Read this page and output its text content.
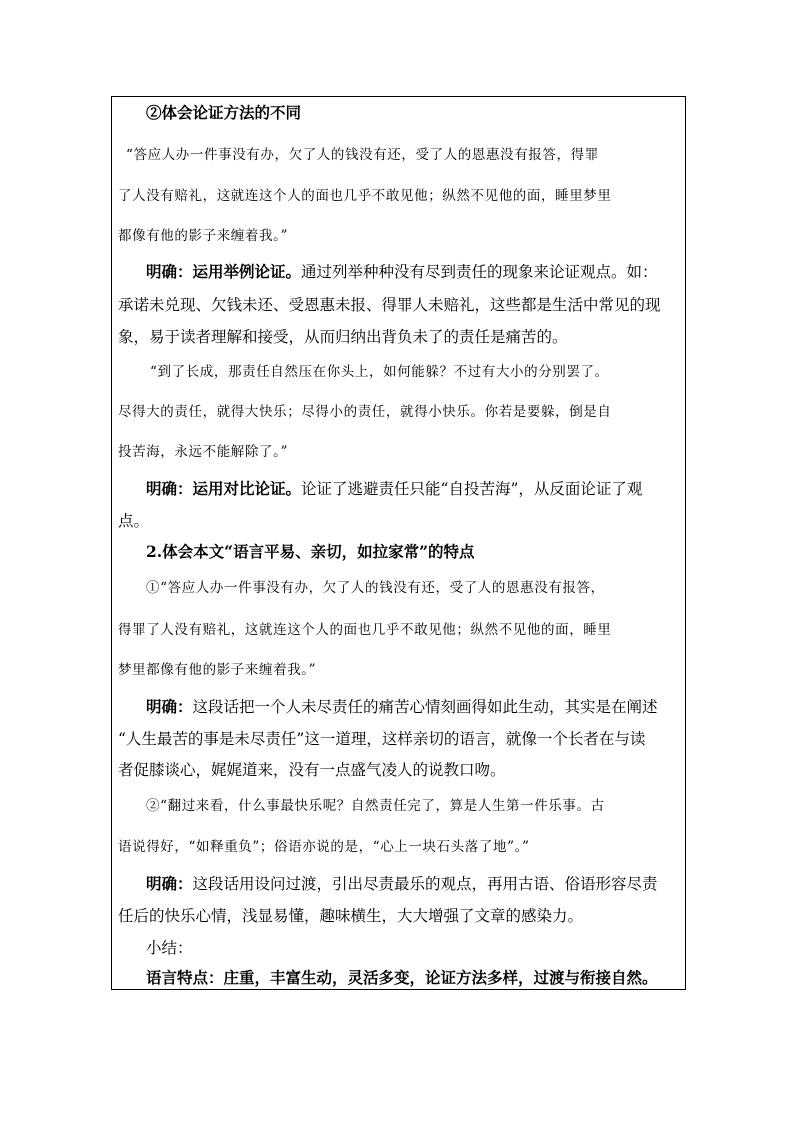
②体会论证方法的不同
“答应人办一件事没有办，欠了人的钱没有还，受了人的恩惠没有报答，得罪
了人没有赔礼，这就连这个人的面也几乎不敢见他；纵然不见他的面，睡里梦里
都像有他的影子来缠着我。”
明确：运用举例论证。通过列举种种没有尽到责任的现象来论证观点。如：
承诺未兑现、欠钱未还、受恩惠未报、得罪人未赔礼，这些都是生活中常见的现
象，易于读者理解和接受，从而归纳出背负未了的责任是痛苦的。
“到了长成，那责任自然压在你头上，如何能躲？不过有大小的分别罢了。
尽得大的责任，就得大快乐；尽得小的责任，就得小快乐。你若是要躲，倒是自
投苦海，永远不能解除了。”
明确：运用对比论证。论证了逃避责任只能“自投苦海”，从反面论证了观
点。
2.体会本文“语言平易、亲切，如拉家常”的特点
①“答应人办一件事没有办，欠了人的钱没有还，受了人的恩惠没有报答，
得罪了人没有赔礼，这就连这个人的面也几乎不敢见他；纵然不见他的面，睡里
梦里都像有他的影子来缠着我。”
明确：这段话把一个人未尽责任的痛苦心情刻画得如此生动，其实是在阐述
“人生最苦的事是未尽责任”这一道理，这样亲切的语言，就像一个长者在与读
者促膝谈心，娓娓道来，没有一点盛气凌人的说教口吻。
②“翻过来看，什么事最快乐呢？自然责任完了，算是人生第一件乐事。古
语说得好，“如释重负”；俗语亦说的是，“心上一块石头落了地”。”
明确：这段话用设问过渡，引出尽责最乐的观点，再用古语、俗语形容尽责
任后的快乐心情，浅显易懂，趣味横生，大大增强了文章的感染力。
小结：
语言特点：庄重，丰富生动，灵活多变，论证方法多样，过渡与衔接自然。
